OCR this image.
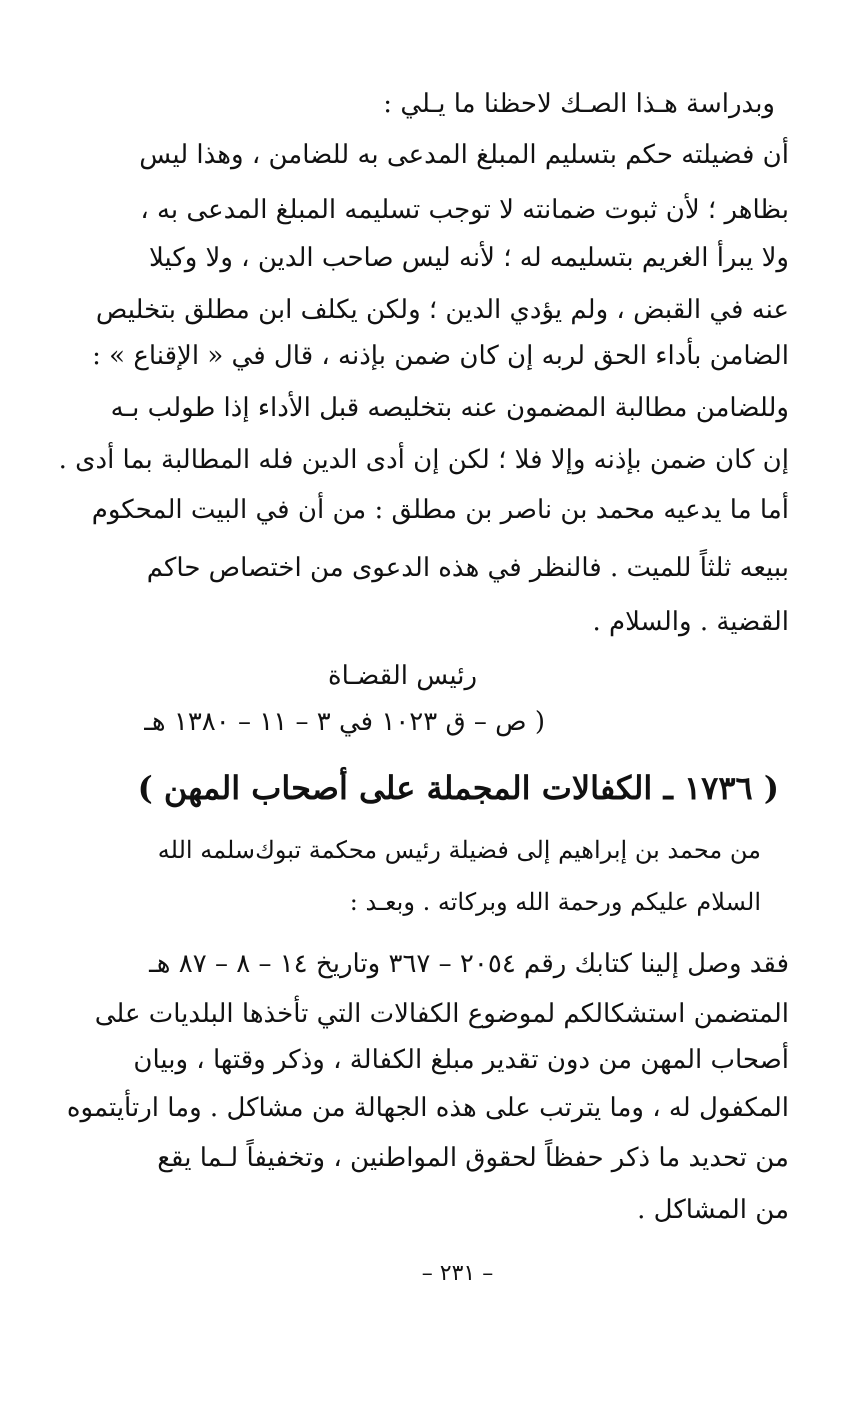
وبدراسة هـذا الصـك لاحظنا ما يـلي :
أن فضيلته حكم بتسليم المبلغ المدعى به للضامن ، وهذا ليس
بظاهر ؛ لأن ثبوت ضمانته لا توجب تسليمه المبلغ المدعى به ،
ولا يبرأ الغريم بتسليمه له ؛ لأنه ليس صاحب الدين ، ولا وكيلا
عنه في القبض ، ولم يؤدي الدين ؛ ولكن يكلف ابن مطلق بتخليص
الضامن بأداء الحق لربه إن كان ضمن بإذنه ، قال في « الإقناع » :
وللضامن مطالبة المضمون عنه بتخليصه قبل الأداء إذا طولب بـه
إن كان ضمن بإذنه وإلا فلا ؛ لكن إن أدى الدين فله المطالبة بما أدى .
أما ما يدعيه محمد بن ناصر بن مطلق : من أن في البيت المحكوم
ببيعه ثلثاً للميت . فالنظر في هذه الدعوى من اختصاص حاكم
القضية . والسلام .
رئيس القضـاة
( ص – ق ١٠٢٣ في ٣ – ١١ – ١٣٨٠ هـ
( ١٧٣٦ ـ الكفالات المجملة على أصحاب المهن )
من محمد بن إبراهيم إلى فضيلة رئيس محكمة تبوك
سلمه الله
السلام عليكم ورحمة الله وبركاته . وبعـد :
فقد وصل إلينا كتابك رقم ٢٠٥٤ – ٣٦٧ وتاريخ ١٤ – ٨ – ٨٧ هـ
المتضمن استشكالكم لموضوع الكفالات التي تأخذها البلديات على
أصحاب المهن من دون تقدير مبلغ الكفالة ، وذكر وقتها ، وبيان
المكفول له ، وما يترتب على هذه الجهالة من مشاكل . وما ارتأيتموه
من تحديد ما ذكر حفظاً لحقوق المواطنين ، وتخفيفاً لـما يقع
من المشاكل .
– ٢٣١ –
